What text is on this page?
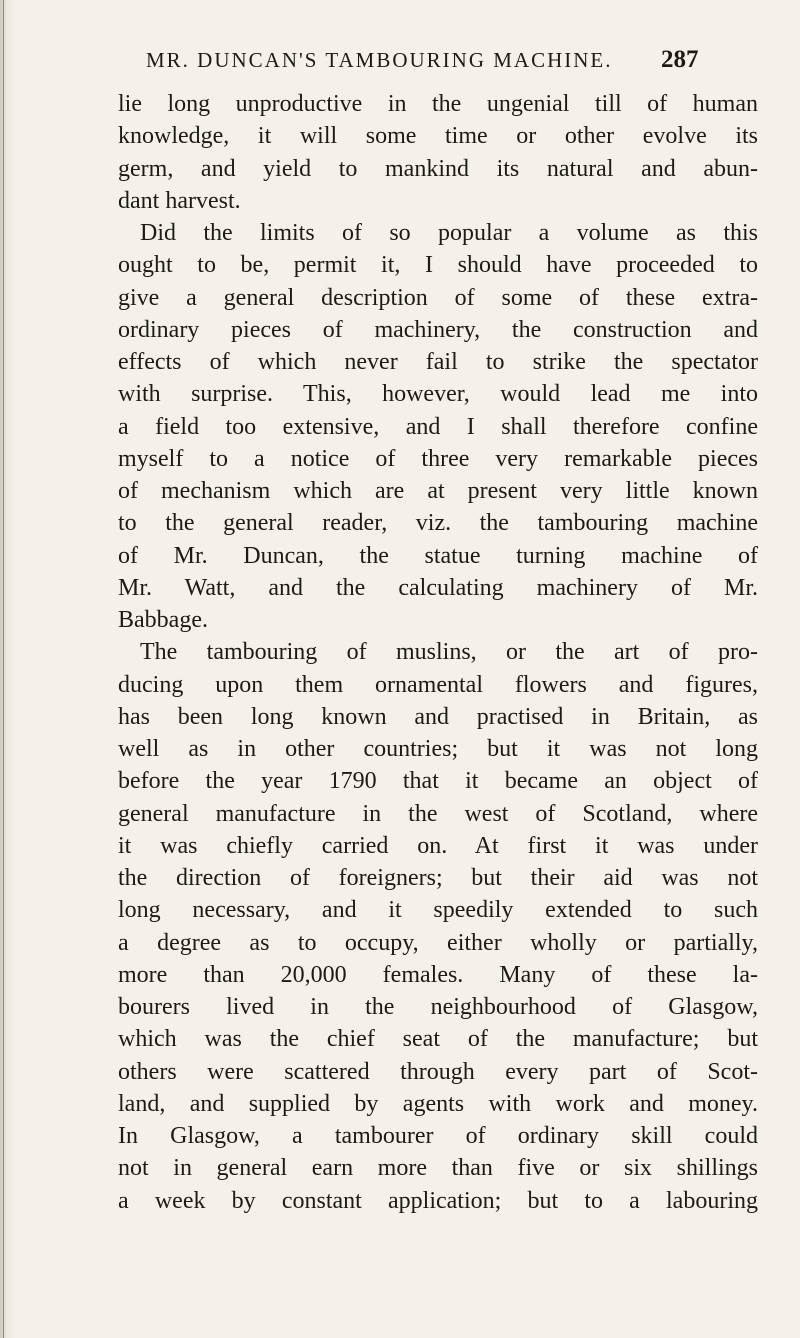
MR. DUNCAN'S TAMBOURING MACHINE.	287
lie long unproductive in the ungenial till of human
knowledge, it will some time or other evolve its
germ, and yield to mankind its natural and abun-
dant harvest.
Did the limits of so popular a volume as this
ought to be, permit it, I should have proceeded to
give a general description of some of these extra-
ordinary pieces of machinery, the construction and
effects of which never fail to strike the spectator
with surprise. This, however, would lead me into
a field too extensive, and I shall therefore confine
myself to a notice of three very remarkable pieces
of mechanism which are at present very little known
to the general reader, viz. the tambouring machine
of Mr. Duncan, the statue turning machine of
Mr. Watt, and the calculating machinery of Mr.
Babbage.
The tambouring of muslins, or the art of pro-
ducing upon them ornamental flowers and figures,
has been long known and practised in Britain, as
well as in other countries; but it was not long
before the year 1790 that it became an object of
general manufacture in the west of Scotland, where
it was chiefly carried on. At first it was under
the direction of foreigners; but their aid was not
long necessary, and it speedily extended to such
a degree as to occupy, either wholly or partially,
more than 20,000 females. Many of these la-
bourers lived in the neighbourhood of Glasgow,
which was the chief seat of the manufacture; but
others were scattered through every part of Scot-
land, and supplied by agents with work and money.
In Glasgow, a tambourer of ordinary skill could
not in general earn more than five or six shillings
a week by constant application; but to a labouring
